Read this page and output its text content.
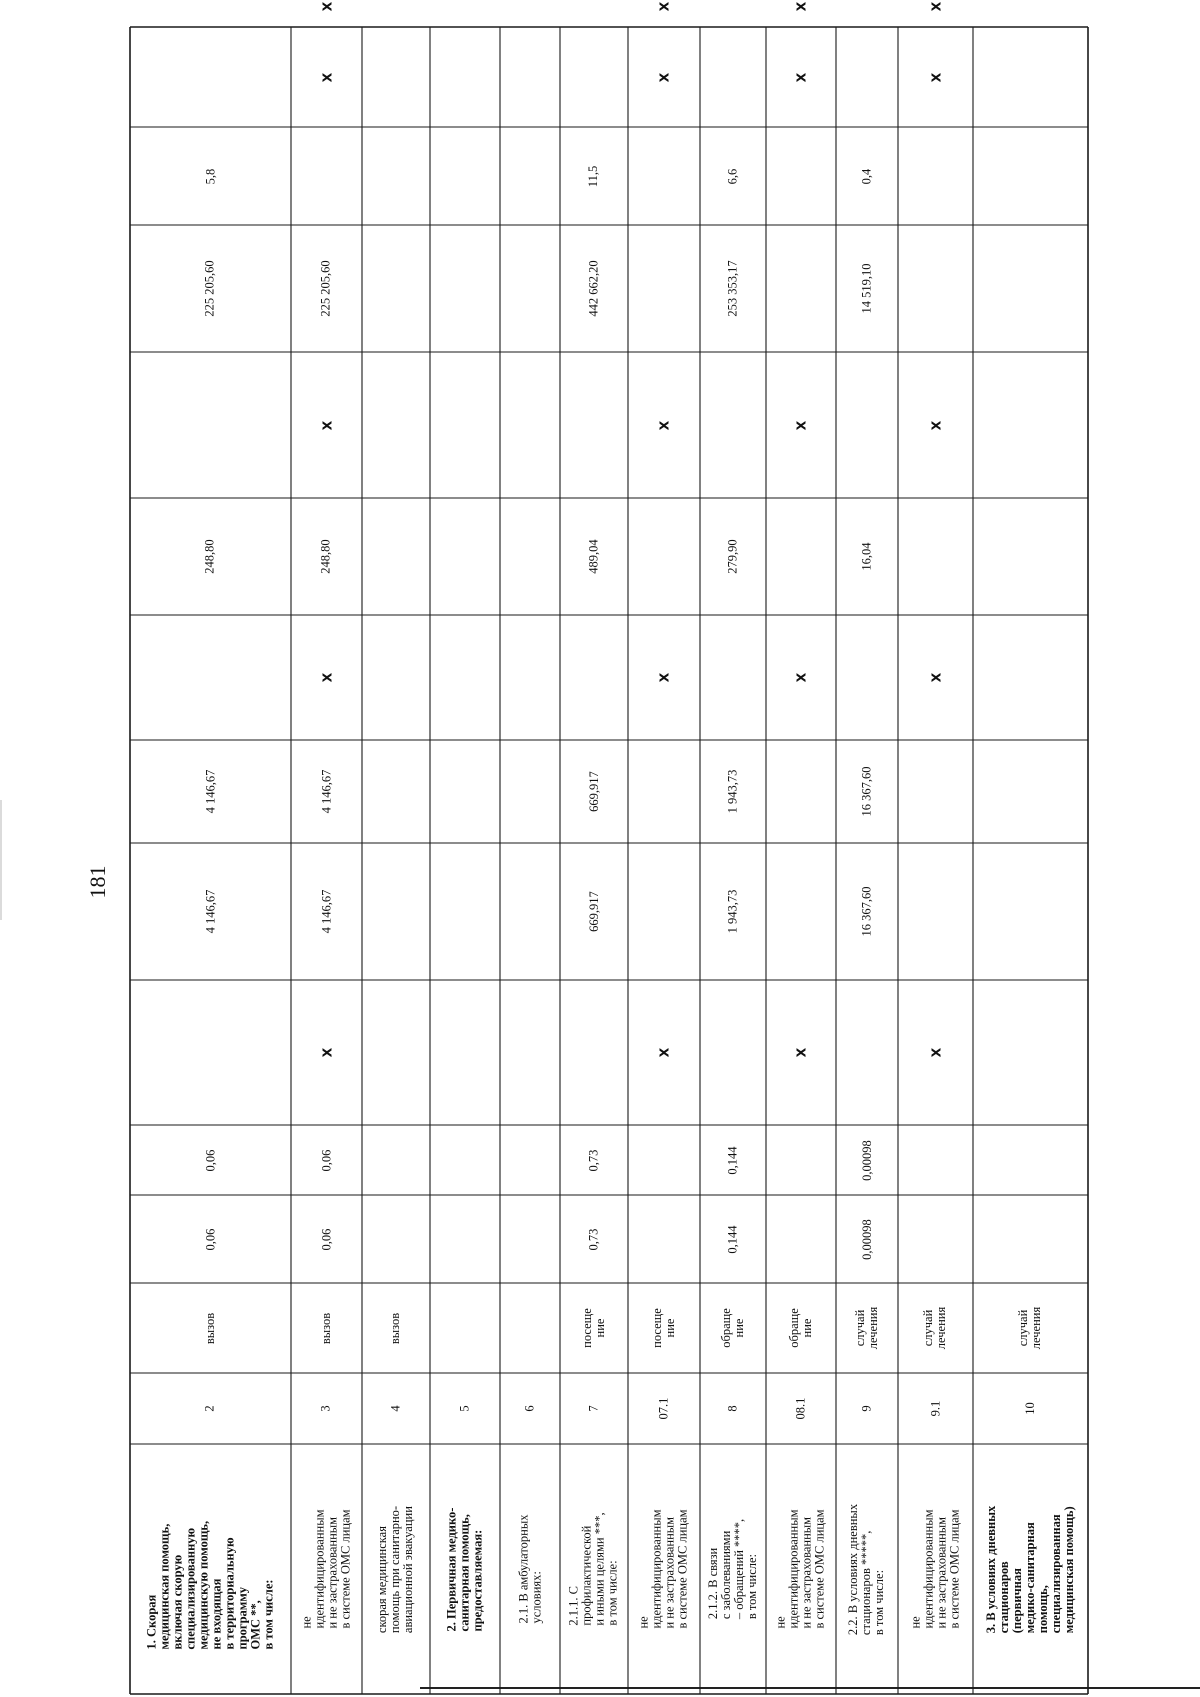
181
1. Скорая
медицинская помощь,
включая скорую
специализированную
медицинскую помощь,
не входящая
в территориальную
программу
ОМС **,
в том числе:
2
вызов
0,06
0,06
4 146,67
4 146,67
248,80
225 205,60
5,8
не
идентифицированным
и не застрахованным
в системе ОМС лицам
3
вызов
0,06
0,06
X
4 146,67
4 146,67
X
248,80
X
225 205,60
X
X
скорая медицинская
помощь при санитарно-
авиационной эвакуации
4
вызов
2. Первичная медико-
санитарная помощь,
предоставляемая:
5
2.1. В амбулаторных
условиях:
6
2.1.1. С
профилактической
и иными целями ***,
в том числе:
7
посеще
ние
0,73
0,73
669,917
669,917
489,04
442 662,20
11,5
не
идентифицированным
и не застрахованным
в системе ОМС лицам
07.1
посеще
ние
X
X
X
X
X
2.1.2. В связи
с заболеваниями
– обращений ****,
в том числе:
8
обраще
ние
0,144
0,144
1 943,73
1 943,73
279,90
253 353,17
6,6
не
идентифицированным
и не застрахованным
в системе ОМС лицам
08.1
обраще
ние
X
X
X
X
X
2.2. В условиях дневных
стационаров *****,
в том числе:
9
случай
лечения
0,00098
0,00098
16 367,60
16 367,60
16,04
14 519,10
0,4
не
идентифицированным
и не застрахованным
в системе ОМС лицам
9.1
случай
лечения
X
X
X
X
X
3. В условиях дневных
стационаров
(первичная
медико-санитарная
помощь,
специализированная
медицинская помощь)
10
случай
лечения
